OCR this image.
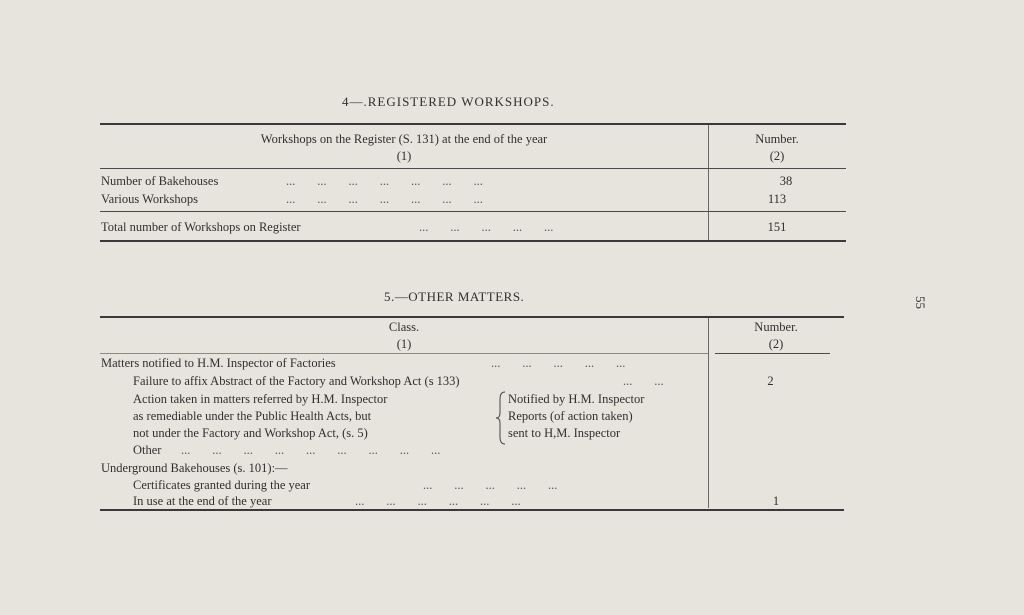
55
4—.REGISTERED WORKSHOPS.
Workshops on the Register (S. 131) at the end of the year
(1)
Number.
(2)
Number of Bakehouses	...       ...       ...       ...       ...       ...       ...	38
Various Workshops	...       ...       ...       ...       ...       ...       ...	113
Total number of Workshops on Register	...       ...       ...       ...       ...	151
5.—OTHER MATTERS.
Class.
(1)
Number.
(2)
Matters notified to H.M. Inspector of Factories	...       ...       ...       ...       ...
Failure to affix Abstract of the Factory and Workshop Act (s 133)	...       ...	2
Action taken in matters referred by H.M. Inspector
as remediable under the Public Health Acts, but
not under the Factory and Workshop Act, (s. 5)
Notified by H.M. Inspector
Reports (of action taken)
sent to H,M. Inspector
Other ...       ...       ...       ...       ...       ...       ...       ...       ...
Underground Bakehouses (s. 101):—
Certificates granted during the year	...       ...       ...       ...       ...
In use at the end of the year	...       ...       ...       ...       ...       ...	1
